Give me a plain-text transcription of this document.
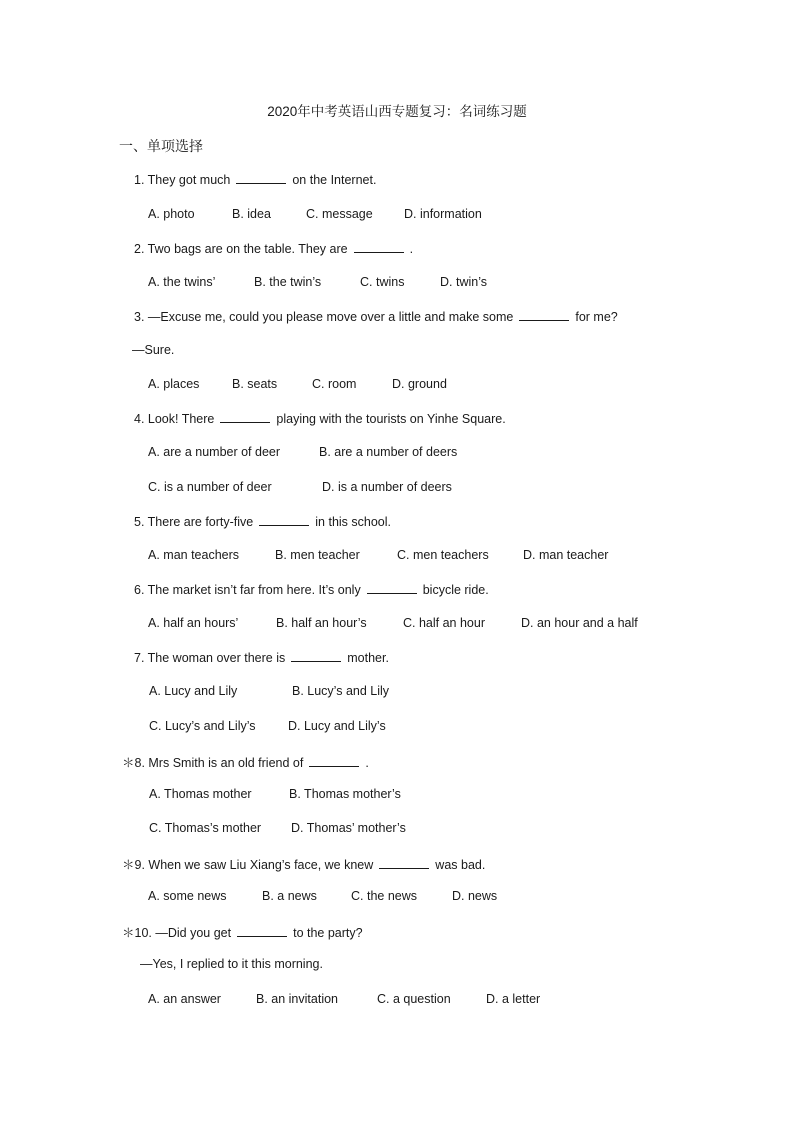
2020年中考英语山西专题复习：名词练习题
一、单项选择
1. They got much	on the Internet.
A. photo	B. idea	C. message	D. information
2. Two bags are on the table. They are	.
A. the twins’	B. the twin’s	C. twins	D. twin’s
3. —Excuse me, could you please move over a little and make some	for me?
—Sure.
A. places	B. seats	C. room	D. ground
4. Look! There	playing with the tourists on Yinhe Square.
A. are a number of deer	B. are a number of deers
C. is a number of deer	D. is a number of deers
5. There are forty-five	in this school.
A. man teachers	B. men teacher	C. men teachers	D. man teacher
6. The market isn’t far from here. It’s only	bicycle ride.
A. half an hours’	B. half an hour’s	C. half an hour	D. an hour and a half
7. The woman over there is	mother.
A. Lucy and Lily	B. Lucy’s and Lily
C. Lucy’s and Lily’s	D. Lucy and Lily’s
＊8. Mrs Smith is an old friend of	.
A. Thomas mother	B. Thomas mother’s
C. Thomas’s mother D. Thomas’ mother’s
＊9. When we saw Liu Xiang’s face, we knew	was bad.
A. some news	B. a news	C. the news	D. news
＊10. —Did you get	to the party?
—Yes, I replied to it this morning.
A. an answer	B. an invitation	C. a question	D. a letter
